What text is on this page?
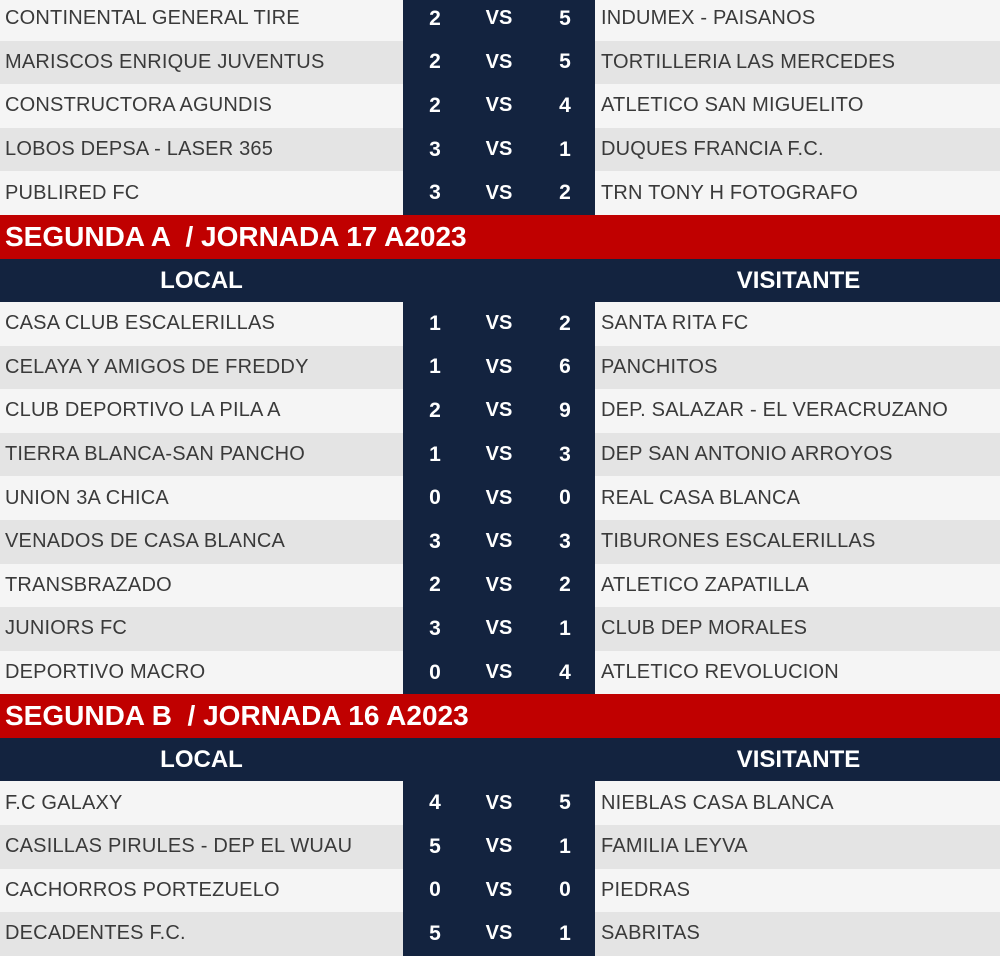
CONTINENTAL GENERAL TIRE	2	VS	5	INDUMEX - PAISANOS
MARISCOS ENRIQUE JUVENTUS	2	VS	5	TORTILLERIA LAS MERCEDES
CONSTRUCTORA AGUNDIS	2	VS	4	ATLETICO SAN MIGUELITO
LOBOS DEPSA - LASER 365	3	VS	1	DUQUES FRANCIA F.C.
PUBLIRED FC	3	VS	2	TRN TONY H FOTOGRAFO
SEGUNDA A  / JORNADA 17 A2023
LOCAL	VISITANTE
CASA CLUB ESCALERILLAS	1	VS	2	SANTA RITA FC
CELAYA Y AMIGOS DE FREDDY	1	VS	6	PANCHITOS
CLUB DEPORTIVO LA PILA A	2	VS	9	DEP. SALAZAR - EL VERACRUZANO
TIERRA BLANCA-SAN PANCHO	1	VS	3	DEP SAN ANTONIO ARROYOS
UNION 3A CHICA	0	VS	0	REAL CASA BLANCA
VENADOS DE CASA BLANCA	3	VS	3	TIBURONES ESCALERILLAS
TRANSBRAZADO	2	VS	2	ATLETICO ZAPATILLA
JUNIORS FC	3	VS	1	CLUB DEP MORALES
DEPORTIVO MACRO	0	VS	4	ATLETICO REVOLUCION
SEGUNDA B  / JORNADA 16 A2023
LOCAL	VISITANTE
F.C GALAXY	4	VS	5	NIEBLAS CASA BLANCA
CASILLAS PIRULES - DEP EL WUAU	5	VS	1	FAMILIA LEYVA
CACHORROS PORTEZUELO	0	VS	0	PIEDRAS
DECADENTES F.C.	5	VS	1	SABRITAS
